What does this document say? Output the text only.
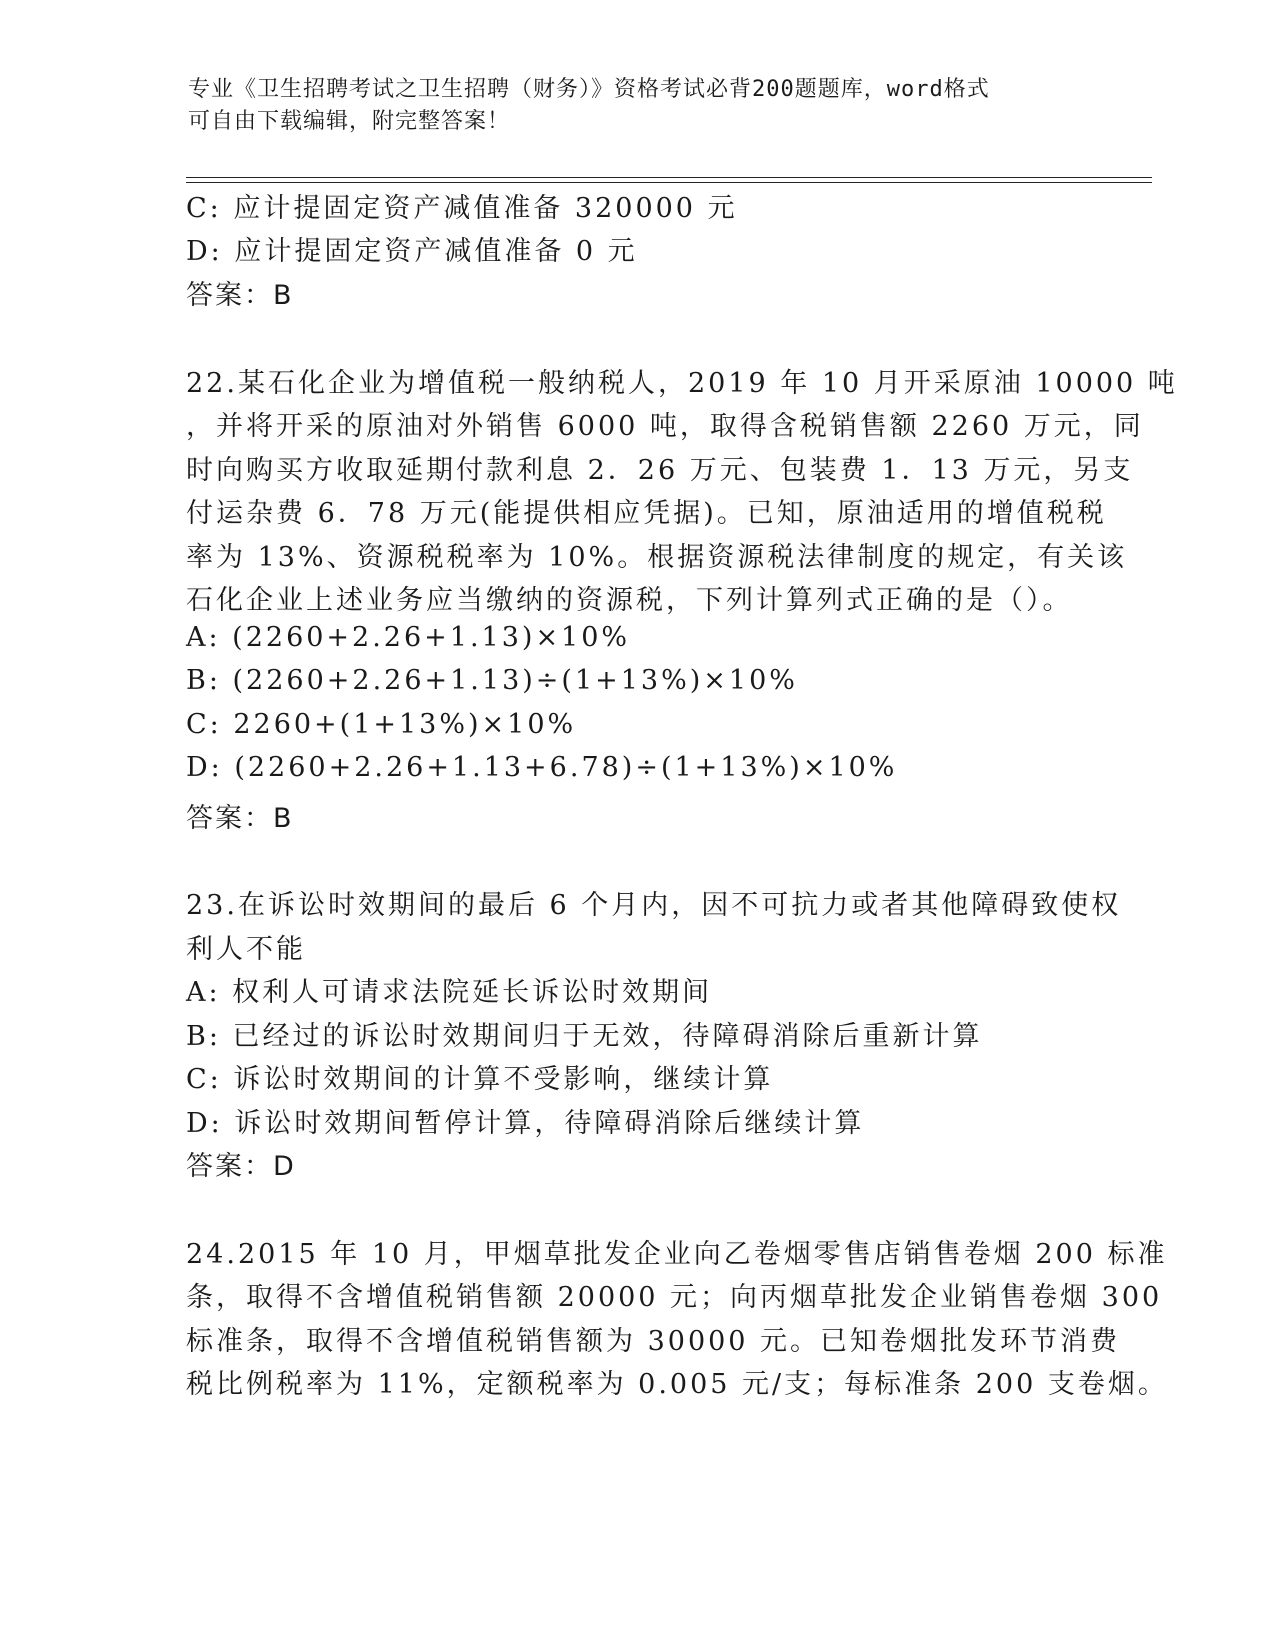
专业《卫生招聘考试之卫生招聘（财务）》资格考试必背200题题库，word格式
可自由下载编辑，附完整答案！
C: 应计提固定资产减值准备 320000 元
D: 应计提固定资产减值准备 0 元
答案：B
22.某石化企业为增值税一般纳税人，2019 年 10 月开采原油 10000 吨
，并将开采的原油对外销售 6000 吨，取得含税销售额 2260 万元，同
时向购买方收取延期付款利息 2．26 万元、包装费 1．13 万元，另支
付运杂费 6．78 万元(能提供相应凭据)。已知，原油适用的增值税税
率为 13%、资源税税率为 10%。根据资源税法律制度的规定，有关该
石化企业上述业务应当缴纳的资源税，下列计算列式正确的是（）。
A: (2260+2.26+1.13)×10%
B: (2260+2.26+1.13)÷(1+13%)×10%
C: 2260+(1+13%)×10%
D: (2260+2.26+1.13+6.78)÷(1+13%)×10%
答案：B
23.在诉讼时效期间的最后 6 个月内，因不可抗力或者其他障碍致使权
利人不能
A: 权利人可请求法院延长诉讼时效期间
B: 已经过的诉讼时效期间归于无效，待障碍消除后重新计算
C: 诉讼时效期间的计算不受影响，继续计算
D: 诉讼时效期间暂停计算，待障碍消除后继续计算
答案：D
24.2015 年 10 月，甲烟草批发企业向乙卷烟零售店销售卷烟 200 标准
条，取得不含增值税销售额 20000 元；向丙烟草批发企业销售卷烟 300
标准条，取得不含增值税销售额为 30000 元。已知卷烟批发环节消费
税比例税率为 11%，定额税率为 0.005 元/支；每标准条 200 支卷烟。
